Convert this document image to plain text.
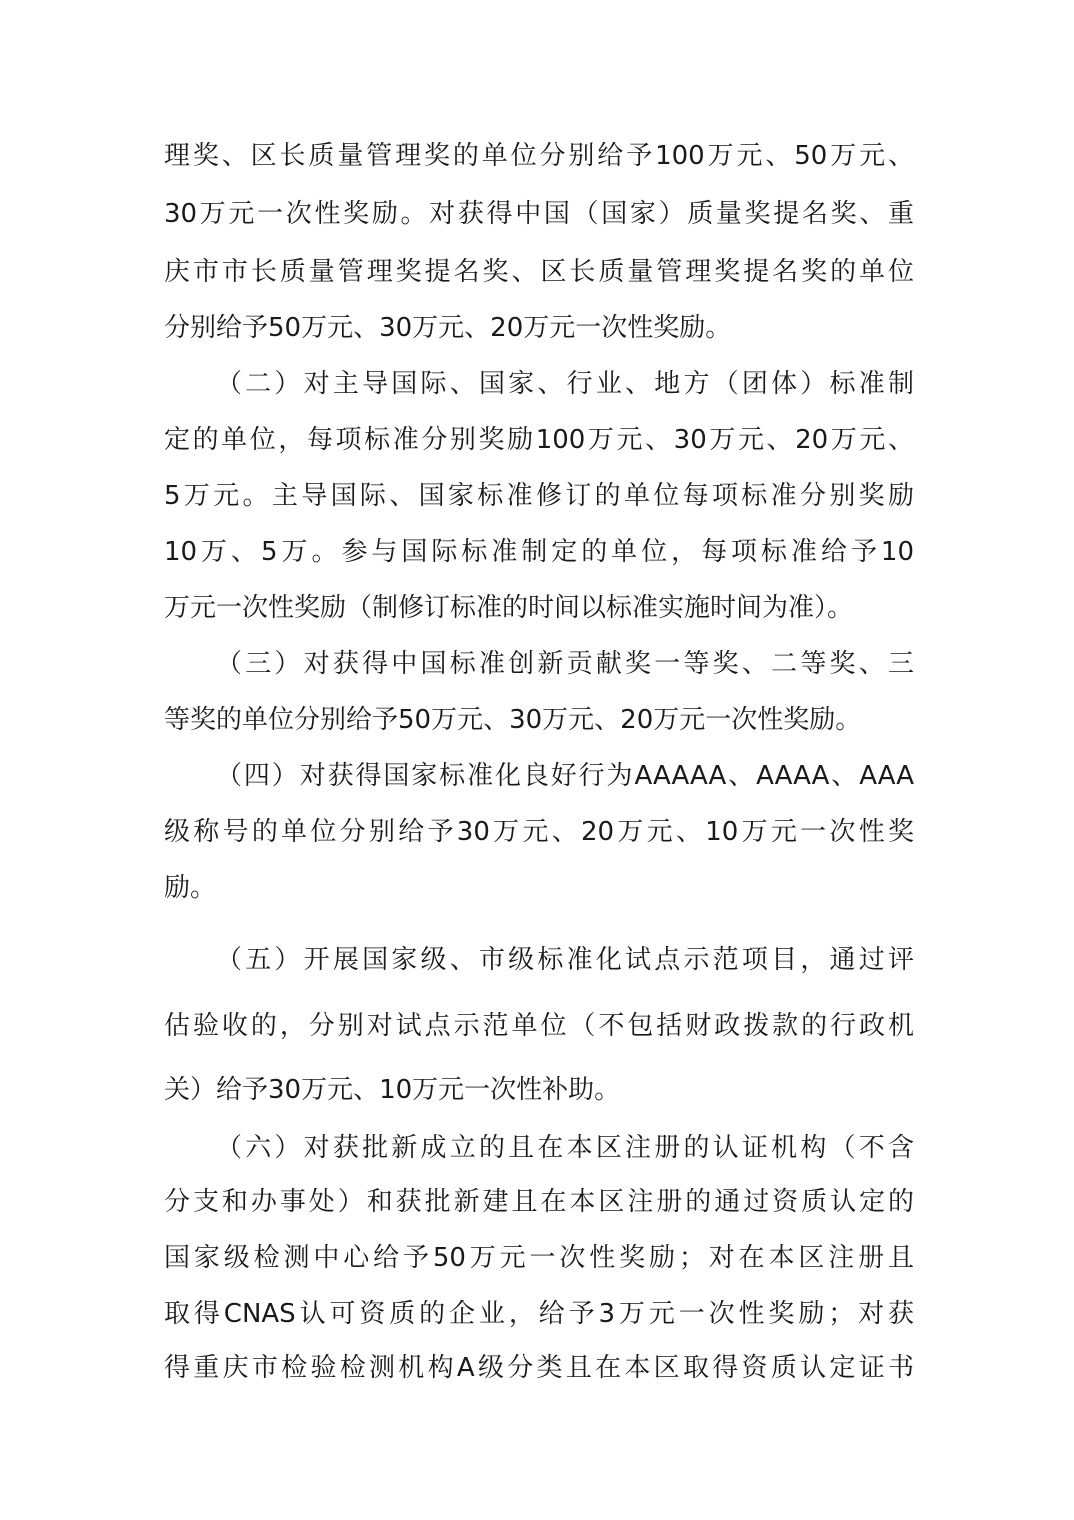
理奖、区长质量管理奖的单位分别给予100万元、50万元、
30万元一次性奖励。对获得中国（国家）质量奖提名奖、重
庆市市长质量管理奖提名奖、区长质量管理奖提名奖的单位
分别给予50万元、30万元、20万元一次性奖励。
（二）对主导国际、国家、行业、地方（团体）标准制
定的单位，每项标准分别奖励100万元、30万元、20万元、
5万元。主导国际、国家标准修订的单位每项标准分别奖励
10万、5万。参与国际标准制定的单位，每项标准给予10
万元一次性奖励（制修订标准的时间以标准实施时间为准）。
（三）对获得中国标准创新贡献奖一等奖、二等奖、三
等奖的单位分别给予50万元、30万元、20万元一次性奖励。
（四）对获得国家标准化良好行为AAAAA、AAAA、AAA
级称号的单位分别给予30万元、20万元、10万元一次性奖
励。
（五）开展国家级、市级标准化试点示范项目，通过评
估验收的，分别对试点示范单位（不包括财政拨款的行政机
关）给予30万元、10万元一次性补助。
（六）对获批新成立的且在本区注册的认证机构（不含
分支和办事处）和获批新建且在本区注册的通过资质认定的
国家级检测中心给予50万元一次性奖励；对在本区注册且
取得CNAS认可资质的企业，给予3万元一次性奖励；对获
得重庆市检验检测机构A级分类且在本区取得资质认定证书
